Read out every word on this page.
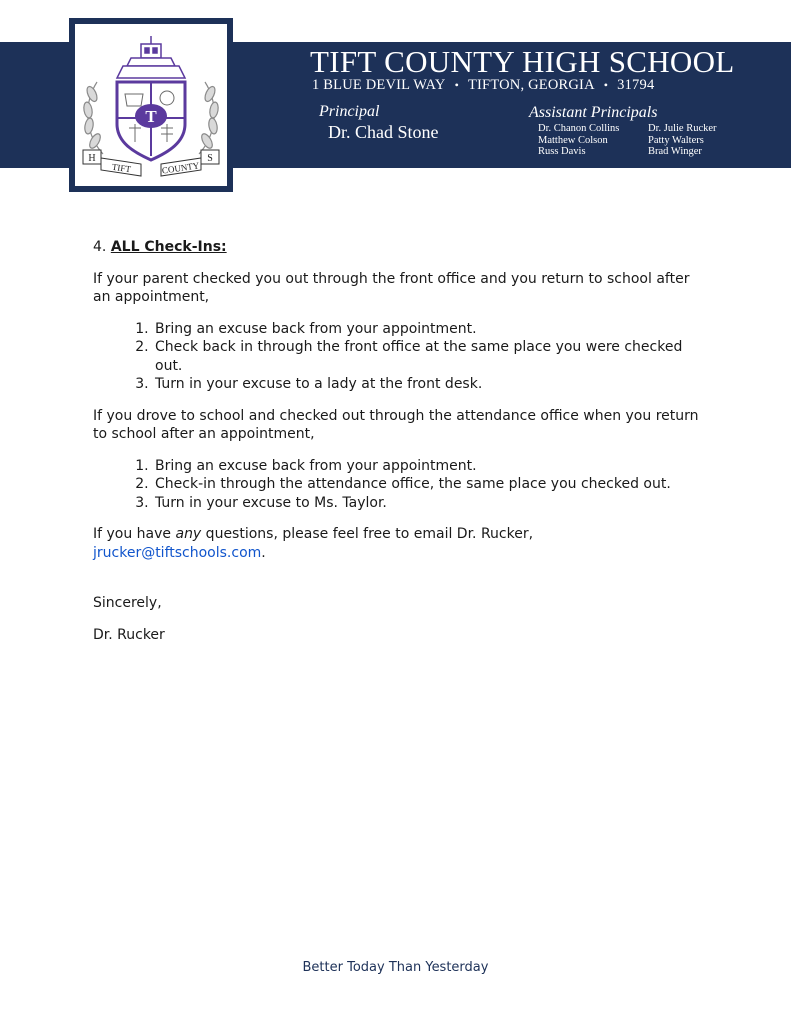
T
H	S
TIFT	COUNTY
TIFT COUNTY HIGH SCHOOL
1 BLUE DEVIL WAY • TIFTON, GEORGIA • 31794
Principal
Dr. Chad Stone
Assistant Principals
Dr. Chanon Collins
Matthew Colson
Russ Davis
Dr. Julie Rucker
Patty Walters
Brad Winger

4. ALL Check-Ins:

If your parent checked you out through the front office and you return to school after an appointment,

1. Bring an excuse back from your appointment.
2. Check back in through the front office at the same place you were checked out.
3. Turn in your excuse to a lady at the front desk.

If you drove to school and checked out through the attendance office when you return to school after an appointment,

1. Bring an excuse back from your appointment.
2. Check-in through the attendance office, the same place you checked out.
3. Turn in your excuse to Ms. Taylor.

If you have any questions, please feel free to email Dr. Rucker,
jrucker@tiftschools.com.

Sincerely,

Dr. Rucker

Better Today Than Yesterday
